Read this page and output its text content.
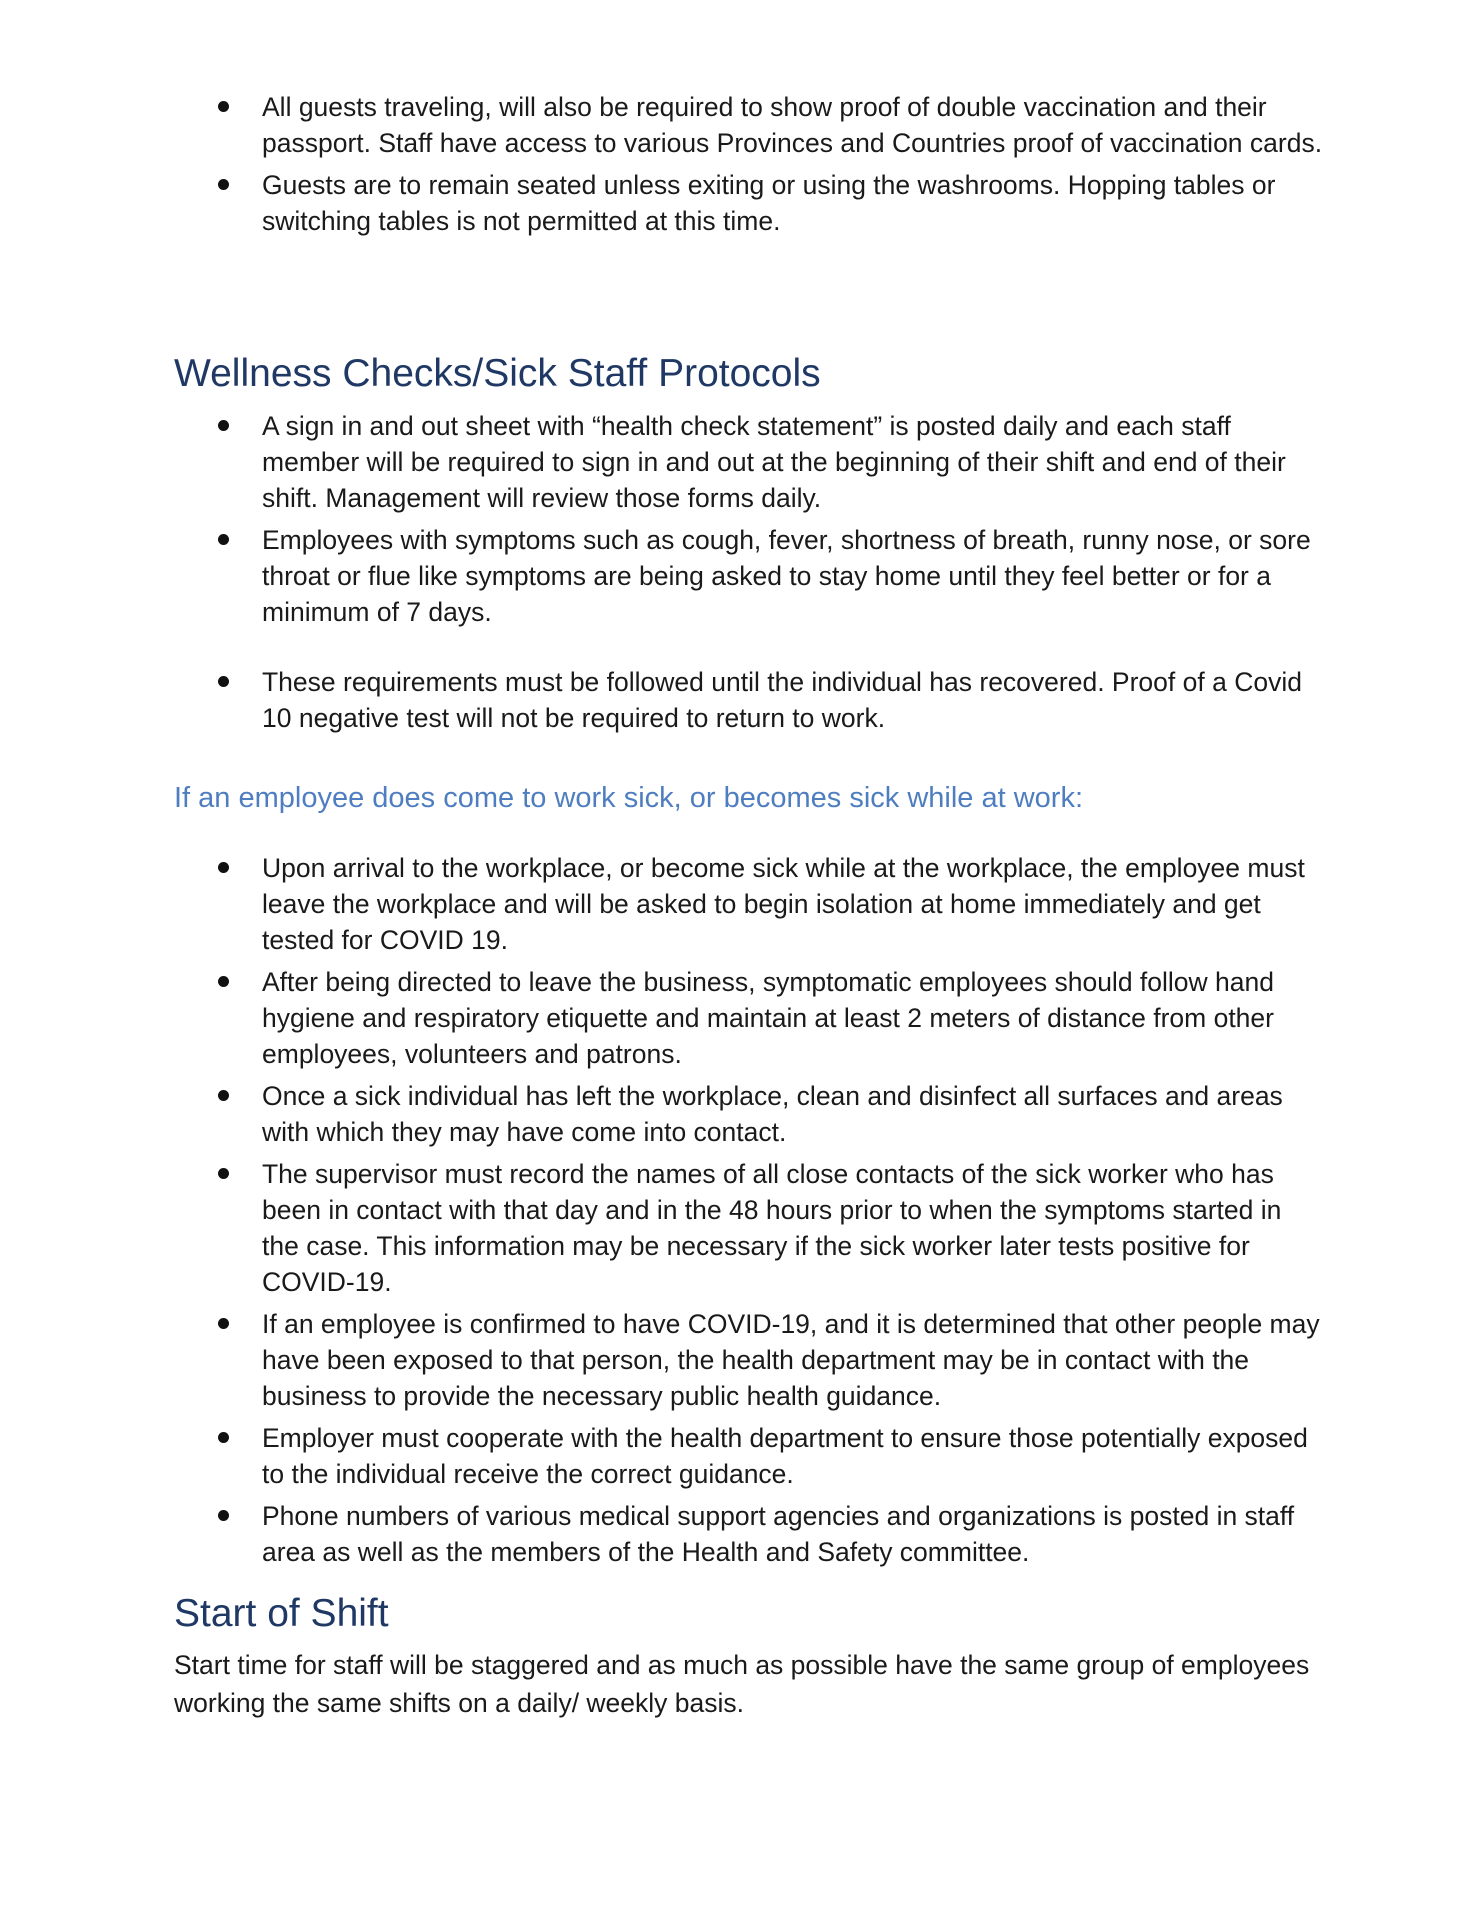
All guests traveling, will also be required to show proof of double vaccination and their passport. Staff have access to various Provinces and Countries proof of vaccination cards.
Guests are to remain seated unless exiting or using the washrooms. Hopping tables or switching tables is not permitted at this time.
Wellness Checks/Sick Staff Protocols
A sign in and out sheet with “health check statement” is posted daily and each staff member will be required to sign in and out at the beginning of their shift and end of their shift. Management will review those forms daily.
Employees with symptoms such as cough, fever, shortness of breath, runny nose, or sore throat or flue like symptoms are being asked to stay home until they feel better or for a minimum of 7 days.
These requirements must be followed until the individual has recovered. Proof of a Covid 10 negative test will not be required to return to work.
If an employee does come to work sick, or becomes sick while at work:
Upon arrival to the workplace, or become sick while at the workplace, the employee must leave the workplace and will be asked to begin isolation at home immediately and get tested for COVID 19.
After being directed to leave the business, symptomatic employees should follow hand hygiene and respiratory etiquette and maintain at least 2 meters of distance from other employees, volunteers and patrons.
Once a sick individual has left the workplace, clean and disinfect all surfaces and areas with which they may have come into contact.
The supervisor must record the names of all close contacts of the sick worker who has been in contact with that day and in the 48 hours prior to when the symptoms started in the case. This information may be necessary if the sick worker later tests positive for COVID-19.
If an employee is confirmed to have COVID-19, and it is determined that other people may have been exposed to that person, the health department may be in contact with the business to provide the necessary public health guidance.
Employer must cooperate with the health department to ensure those potentially exposed to the individual receive the correct guidance.
Phone numbers of various medical support agencies and organizations is posted in staff area as well as the members of the Health and Safety committee.
Start of Shift

Start time for staff will be staggered and as much as possible have the same group of employees working the same shifts on a daily/ weekly basis.
